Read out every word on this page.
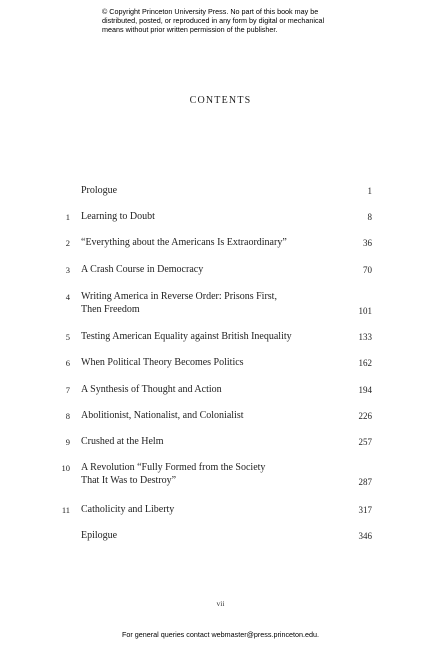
© Copyright Princeton University Press. No part of this book may be
distributed, posted, or reproduced in any form by digital or mechanical
means without prior written permission of the publisher.
CONTENTS
Prologue	1
1 Learning to Doubt	8
2 “Everything about the Americans Is Extraordinary”	36
3 A Crash Course in Democracy	70
4 Writing America in Reverse Order: Prisons First,
Then Freedom	101
5 Testing American Equality against British Inequality	133
6 When Political Theory Becomes Politics	162
7 A Synthesis of Thought and Action	194
8 Abolitionist, Nationalist, and Colonialist	226
9 Crushed at the Helm	257
10 A Revolution “Fully Formed from the Society
That It Was to Destroy”	287
11 Catholicity and Liberty	317
Epilogue	346
vii
For general queries contact webmaster@press.princeton.edu.
